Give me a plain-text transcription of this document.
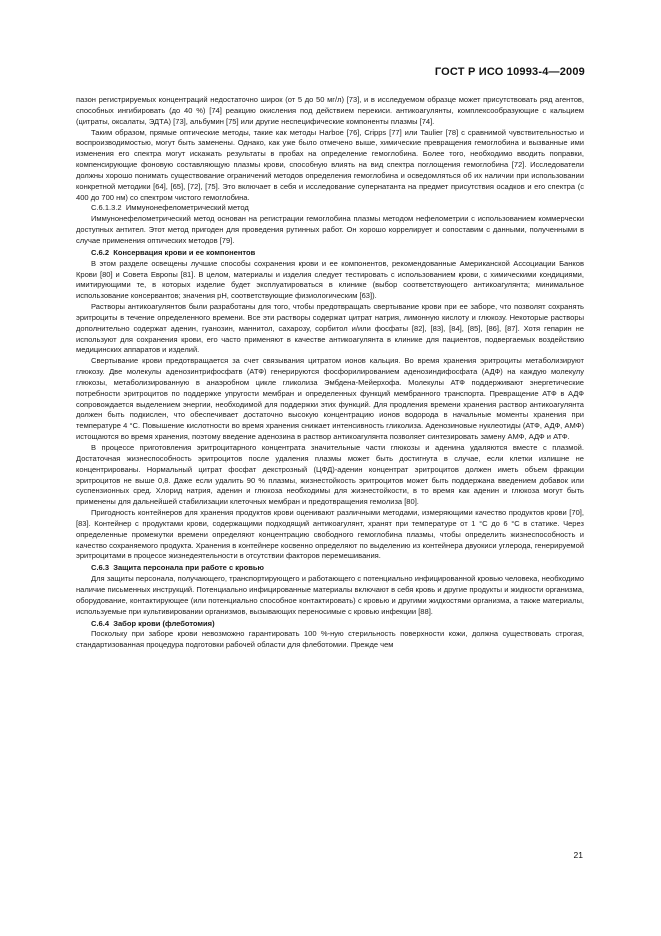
ГОСТ Р ИСО 10993-4—2009

пазон регистрируемых концентраций недостаточно широк (от 5 до 50 мг/л) [73], и в исследуемом образце может присутствовать ряд агентов, способных ингибировать (до 40 %) [74] реакцию окисления под действием перекиси. антикоагулянты, комплексообразующие с кальцием (цитраты, оксалаты, ЭДТА) [73], альбумин [75] или другие неспецифические компоненты плазмы [74].

Таким образом, прямые оптические методы, такие как методы Harboe [76], Cripps [77] или Taulier [78] с сравнимой чувствительностью и воспроизводимостью, могут быть заменены. Однако, как уже было отмечено выше, химические превращения гемоглобина и вызванные ими изменения его спектра могут искажать результаты в пробах на определение гемоглобина. Более того, необходимо вводить поправки, компенсирующие фоновую составляющую плазмы крови, способную влиять на вид спектра поглощения гемоглобина [72]. Исследователи должны хорошо понимать существование ограничений методов определения гемоглобина и осведомляться об их наличии при использовании конкретной методики [64], [65], [72], [75]. Это включает в себя и исследование супернатанта на предмет присутствия осадков и его спектра (с 400 до 700 нм) со спектром чистого гемоглобина.

С.6.1.3.2 Иммунонефелометрический метод

Иммунонефелометрический метод основан на регистрации гемоглобина плазмы методом нефелометрии с использованием коммерчески доступных антител. Этот метод пригоден для проведения рутинных работ. Он хорошо коррелирует и сопоставим с данными, полученными в случае применения оптических методов [79].

С.6.2 Консервация крови и ее компонентов

В этом разделе освещены лучшие способы сохранения крови и ее компонентов, рекомендованные Американской Ассоциации Банков Крови [80] и Совета Европы [81]. В целом, материалы и изделия следует тестировать с использованием крови, с химическими кондициями, имитирующими те, в которых изделие будет эксплуатироваться в клинике (выбор соответствующего антикоагулянта; минимальное использование консервантов; значения pH, соответствующие физиологическим [63]).

Растворы антикоагулянтов были разработаны для того, чтобы предотвращать свертывание крови при ее заборе, что позволят сохранять эритроциты в течение определенного времени. Все эти растворы содержат цитрат натрия, лимонную кислоту и глюкозу. Некоторые растворы дополнительно содержат аденин, гуанозин, маннитол, сахарозу, сорбитол и/или фосфаты [82], [83], [84], [85], [86], [87]. Хотя гепарин не используют для сохранения крови, его часто применяют в качестве антикоагулянта в клинике для пациентов, подвергаемых воздействию медицинских аппаратов и изделий.

Свертывание крови предотвращается за счет связывания цитратом ионов кальция. Во время хранения эритроциты метаболизируют глюкозу. Две молекулы аденозинтрифосфатв (АТФ) генерируются фосфорилированием аденозиндифосфата (АДФ) на каждую молекулу глюкозы, метаболизированную в анаэробном цикле гликолиза Эмбдена-Мейерхофа. Молекулы АТФ поддерживают энергетические потребности эритроцитов по поддержке упругости мембран и определенных функций мембранного транспорта. Превращение АТФ в АДФ сопровождается выделением энергии, необходимой для поддержки этих функций. Для продления времени хранения раствор антикоагулянта должен быть подкислен, что обеспечивает достаточно высокую концентрацию ионов водорода в начальные моменты хранения при температуре 4 °С. Повышение кислотности во время хранения снижает интенсивность гликолиза. Аденозиновые нуклеотиды (АТФ, АДФ, АМФ) истощаются во время хранения, поэтому введение аденозина в раствор антикоагулянта позволяет синтезировать замену АМФ, АДФ и АТФ.

В процессе приготовления эритроцитарного концентрата значительные части глюкозы и аденина удаляются вместе с плазмой. Достаточная жизнеспособность эритроцитов после удаления плазмы может быть достигнута в случае, если клетки излишне не концентрированы. Нормальный цитрат фосфат декстрозный (ЦФД)-аденин концентрат эритроцитов должен иметь объем фракции эритроцитов не выше 0,8. Даже если удалить 90 % плазмы, жизнестойкость эритроцитов может быть поддержана введением добавок или суспензионных сред. Хлорид натрия, аденин и глюкоза необходимы для жизнестойкости, в то время как аденин и глюкоза могут быть применены для дальнейшей стабилизации клеточных мембран и предотвращения гемолиза [80].

Пригодность контейнеров для хранения продуктов крови оценивают различными методами, измеряющими качество продуктов крови [70], [83]. Контейнер с продуктами крови, содержащими подходящий антикоагулянт, хранят при температуре от 1 °С до 6 °С в статике. Через определенные промежутки времени определяют концентрацию свободного гемоглобина плазмы, чтобы определить жизнеспособность и качество сохраняемого продукта. Хранения в контейнере косвенно определяют по выделению из контейнера двуокиси углерода, генерируемой эритроцитами в процессе жизнедеятельности в отсутствии факторов перемешивания.

С.6.3 Защита персонала при работе с кровью

Для защиты персонала, получающего, транспортирующего и работающего с потенциально инфицированной кровью человека, необходимо наличие письменных инструкций. Потенциально инфицированные материалы включают в себя кровь и другие продукты и жидкости организма, оборудование, контактирующее (или потенциально способное контактировать) с кровью и другими жидкостями организма, а также материалы, используемые при культивировании организмов, вызывающих переносимые с кровью инфекции [88].

С.6.4 Забор крови (флеботомия)

Поскольку при заборе крови невозможно гарантировать 100 %-ную стерильность поверхности кожи, должна существовать строгая, стандартизованная процедура подготовки рабочей области для флеботомии. Прежде чем

21
